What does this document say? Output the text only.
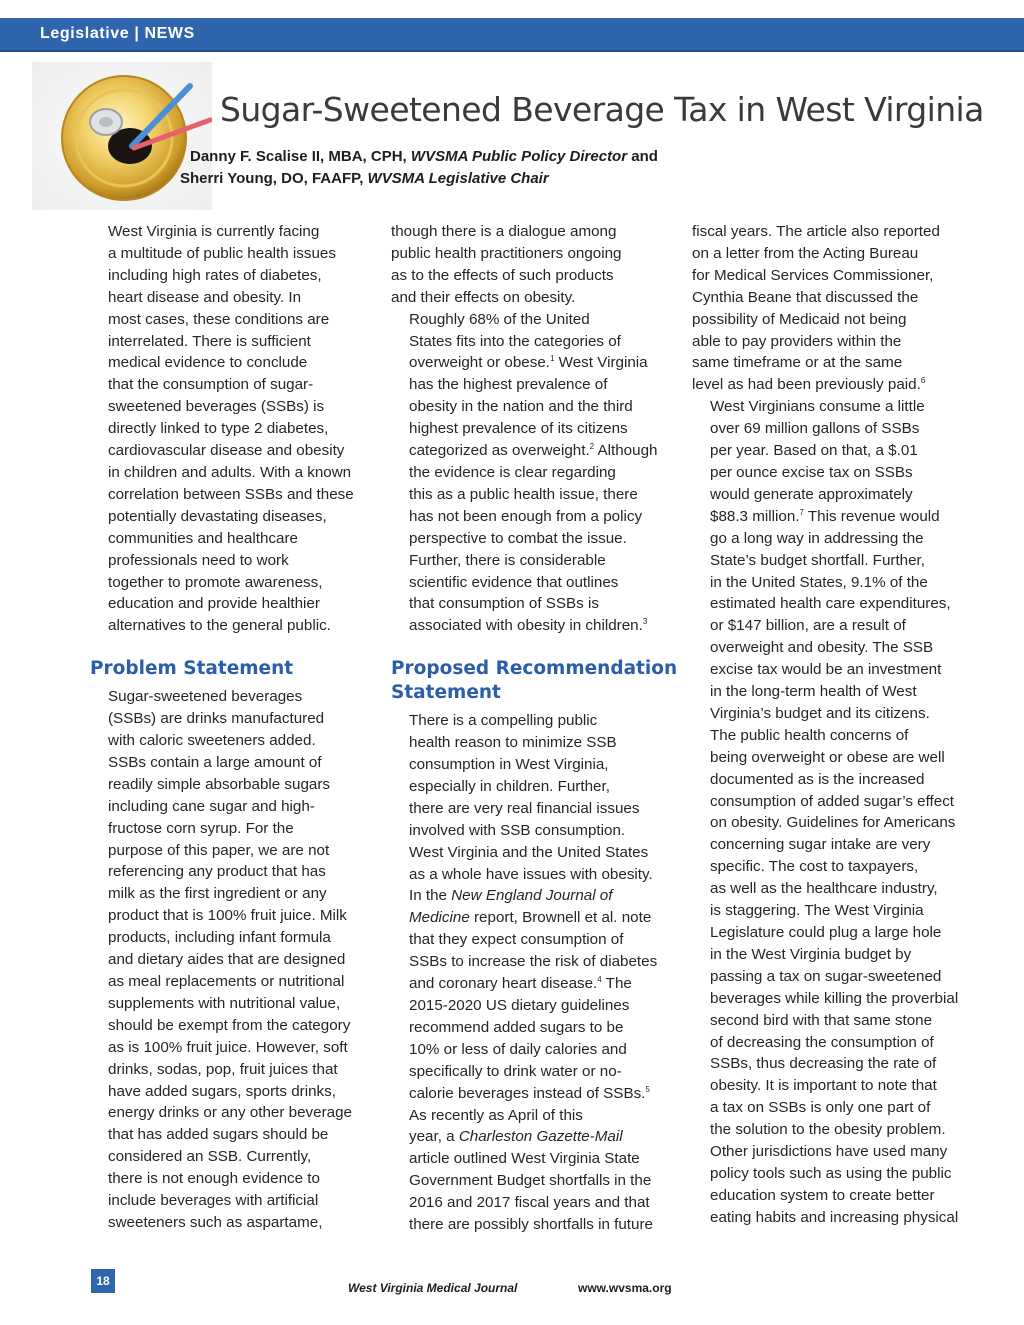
Legislative | NEWS
Sugar-Sweetened Beverage Tax in West Virginia
Danny F. Scalise II, MBA, CPH, WVSMA Public Policy Director and
Sherri Young, DO, FAAFP, WVSMA Legislative Chair

West Virginia is currently facing
a multitude of public health issues
including high rates of diabetes,
heart disease and obesity. In
most cases, these conditions are
interrelated. There is sufficient
medical evidence to conclude
that the consumption of sugar-
sweetened beverages (SSBs) is
directly linked to type 2 diabetes,
cardiovascular disease and obesity
in children and adults. With a known
correlation between SSBs and these
potentially devastating diseases,
communities and healthcare
professionals need to work
together to promote awareness,
education and provide healthier
alternatives to the general public.

Problem Statement

Sugar-sweetened beverages
(SSBs) are drinks manufactured
with caloric sweeteners added.
SSBs contain a large amount of
readily simple absorbable sugars
including cane sugar and high-
fructose corn syrup. For the
purpose of this paper, we are not
referencing any product that has
milk as the first ingredient or any
product that is 100% fruit juice. Milk
products, including infant formula
and dietary aides that are designed
as meal replacements or nutritional
supplements with nutritional value,
should be exempt from the category
as is 100% fruit juice. However, soft
drinks, sodas, pop, fruit juices that
have added sugars, sports drinks,
energy drinks or any other beverage
that has added sugars should be
considered an SSB. Currently,
there is not enough evidence to
include beverages with artificial
sweeteners such as aspartame,

though there is a dialogue among
public health practitioners ongoing
as to the effects of such products
and their effects on obesity.

Roughly 68% of the United
States fits into the categories of
overweight or obese.$^1$ West Virginia
has the highest prevalence of
obesity in the nation and the third
highest prevalence of its citizens
categorized as overweight.$^2$ Although
the evidence is clear regarding
this as a public health issue, there
has not been enough from a policy
perspective to combat the issue.
Further, there is considerable
scientific evidence that outlines
that consumption of SSBs is
associated with obesity in children.$^3$

Proposed Recommendation
Statement

There is a compelling public
health reason to minimize SSB
consumption in West Virginia,
especially in children. Further,
there are very real financial issues
involved with SSB consumption.
West Virginia and the United States
as a whole have issues with obesity.
In the New England Journal of
Medicine report, Brownell et al. note
that they expect consumption of
SSBs to increase the risk of diabetes
and coronary heart disease.$^4$ The
2015-2020 US dietary guidelines
recommend added sugars to be
10% or less of daily calories and
specifically to drink water or no-
calorie beverages instead of SSBs.$^5$

As recently as April of this
year, a Charleston Gazette-Mail
article outlined West Virginia State
Government Budget shortfalls in the
2016 and 2017 fiscal years and that
there are possibly shortfalls in future

fiscal years. The article also reported
on a letter from the Acting Bureau
for Medical Services Commissioner,
Cynthia Beane that discussed the
possibility of Medicaid not being
able to pay providers within the
same timeframe or at the same
level as had been previously paid.$^6$

West Virginians consume a little
over 69 million gallons of SSBs
per year. Based on that, a $.01
per ounce excise tax on SSBs
would generate approximately
$88.3 million.$^7$ This revenue would
go a long way in addressing the
State’s budget shortfall. Further,
in the United States, 9.1% of the
estimated health care expenditures,
or $147 billion, are a result of
overweight and obesity. The SSB
excise tax would be an investment
in the long-term health of West
Virginia’s budget and its citizens.

The public health concerns of
being overweight or obese are well
documented as is the increased
consumption of added sugar’s effect
on obesity. Guidelines for Americans
concerning sugar intake are very
specific. The cost to taxpayers,
as well as the healthcare industry,
is staggering. The West Virginia
Legislature could plug a large hole
in the West Virginia budget by
passing a tax on sugar-sweetened
beverages while killing the proverbial
second bird with that same stone
of decreasing the consumption of
SSBs, thus decreasing the rate of
obesity. It is important to note that
a tax on SSBs is only one part of
the solution to the obesity problem.
Other jurisdictions have used many
policy tools such as using the public
education system to create better
eating habits and increasing physical

18	West Virginia Medical Journal	www.wvsma.org
